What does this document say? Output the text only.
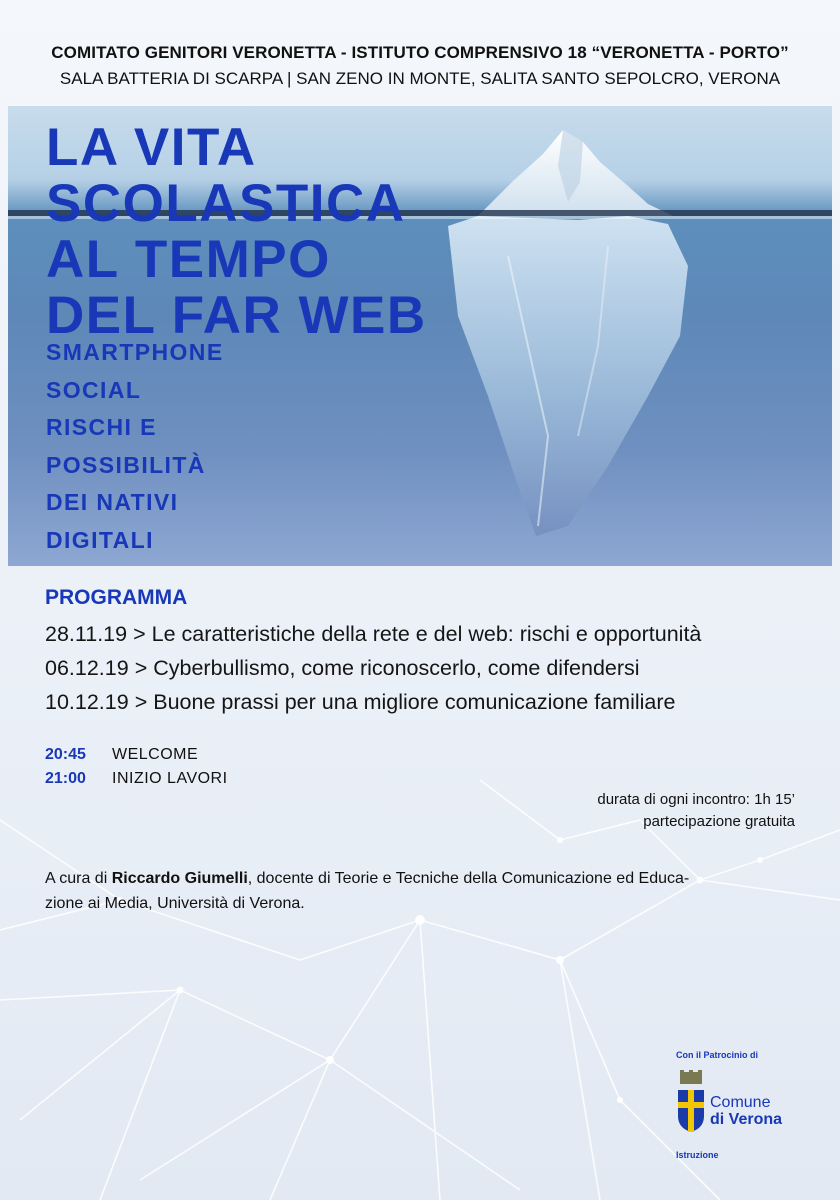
COMITATO GENITORI VERONETTA - ISTITUTO COMPRENSIVO 18 “VERONETTA - PORTO”
SALA BATTERIA DI SCARPA | SAN ZENO IN MONTE, SALITA SANTO SEPOLCRO, VERONA
LA VITA
SCOLASTICA
AL TEMPO
DEL FAR WEB
SMARTPHONE
SOCIAL
RISCHI E
POSSIBILITÀ
DEI NATIVI
DIGITALI
PROGRAMMA
28.11.19 > Le caratteristiche della rete e del web: rischi e opportunità
06.12.19 > Cyberbullismo, come riconoscerlo, come difendersi
10.12.19 > Buone prassi per una migliore comunicazione familiare
20:45 WELCOME
21:00 INIZIO LAVORI
durata di ogni incontro: 1h 15’
partecipazione gratuita
A cura di Riccardo Giumelli, docente di Teorie e Tecniche della Comunicazione ed Educa-
zione ai Media, Università di Verona.
Con il Patrocinio di
Comune
di Verona
Istruzione
